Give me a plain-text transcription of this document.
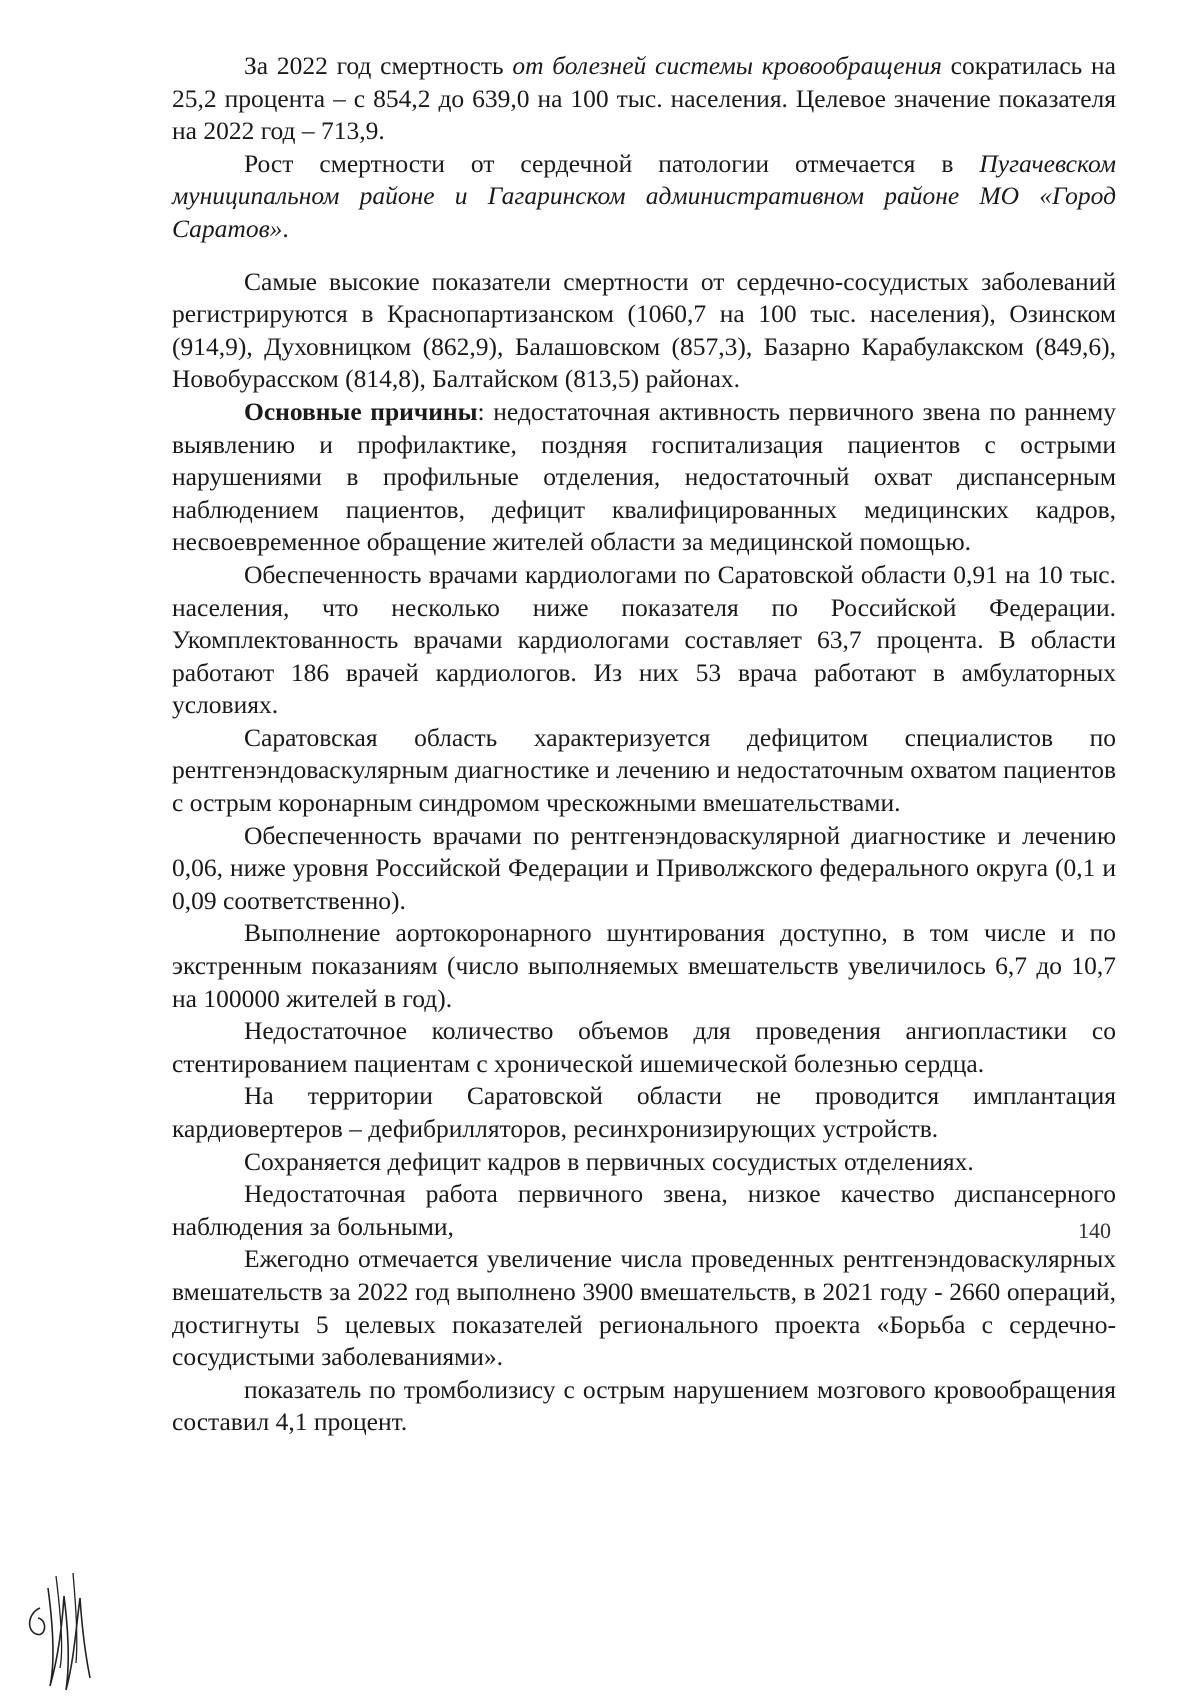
За 2022 год смертность от болезней системы кровообращения сократилась на 25,2 процента – с 854,2 до 639,0 на 100 тыс. населения. Целевое значение показателя на 2022 год – 713,9.

Рост смертности от сердечной патологии отмечается в Пугачевском муниципальном районе и Гагаринском административном районе МО «Город Саратов».

Самые высокие показатели смертности от сердечно-сосудистых заболеваний регистрируются в Краснопартизанском (1060,7 на 100 тыс. населения), Озинском (914,9), Духовницком (862,9), Балашовском (857,3), Базарно Карабулакском (849,6), Новобурасском (814,8), Балтайском (813,5) районах.

Основные причины: недостаточная активность первичного звена по раннему выявлению и профилактике, поздняя госпитализация пациентов с острыми нарушениями в профильные отделения, недостаточный охват диспансерным наблюдением пациентов, дефицит квалифицированных медицинских кадров, несвоевременное обращение жителей области за медицинской помощью.

Обеспеченность врачами кардиологами по Саратовской области 0,91 на 10 тыс. населения, что несколько ниже показателя по Российской Федерации. Укомплектованность врачами кардиологами составляет 63,7 процента. В области работают 186 врачей кардиологов. Из них 53 врача работают в амбулаторных условиях.

Саратовская область характеризуется дефицитом специалистов по рентгенэндоваскулярным диагностике и лечению и недостаточным охватом пациентов с острым коронарным синдромом чрескожными вмешательствами.

Обеспеченность врачами по рентгенэндоваскулярной диагностике и лечению 0,06, ниже уровня Российской Федерации и Приволжского федерального округа (0,1 и 0,09 соответственно).

Выполнение аортокоронарного шунтирования доступно, в том числе и по экстренным показаниям (число выполняемых вмешательств увеличилось 6,7 до 10,7 на 100000 жителей в год).

Недостаточное количество объемов для проведения ангиопластики со стентированием пациентам с хронической ишемической болезнью сердца.

На территории Саратовской области не проводится имплантация кардиовертеров – дефибрилляторов, ресинхронизирующих устройств.

Сохраняется дефицит кадров в первичных сосудистых отделениях.

Недостаточная работа первичного звена, низкое качество диспансерного наблюдения за больными,

Ежегодно отмечается увеличение числа проведенных рентгенэндоваскулярных вмешательств за 2022 год выполнено 3900 вмешательств, в 2021 году - 2660 операций, достигнуты 5 целевых показателей регионального проекта «Борьба с сердечно-сосудистыми заболеваниями».

показатель по тромболизису с острым нарушением мозгового кровообращения составил 4,1 процент.

140
